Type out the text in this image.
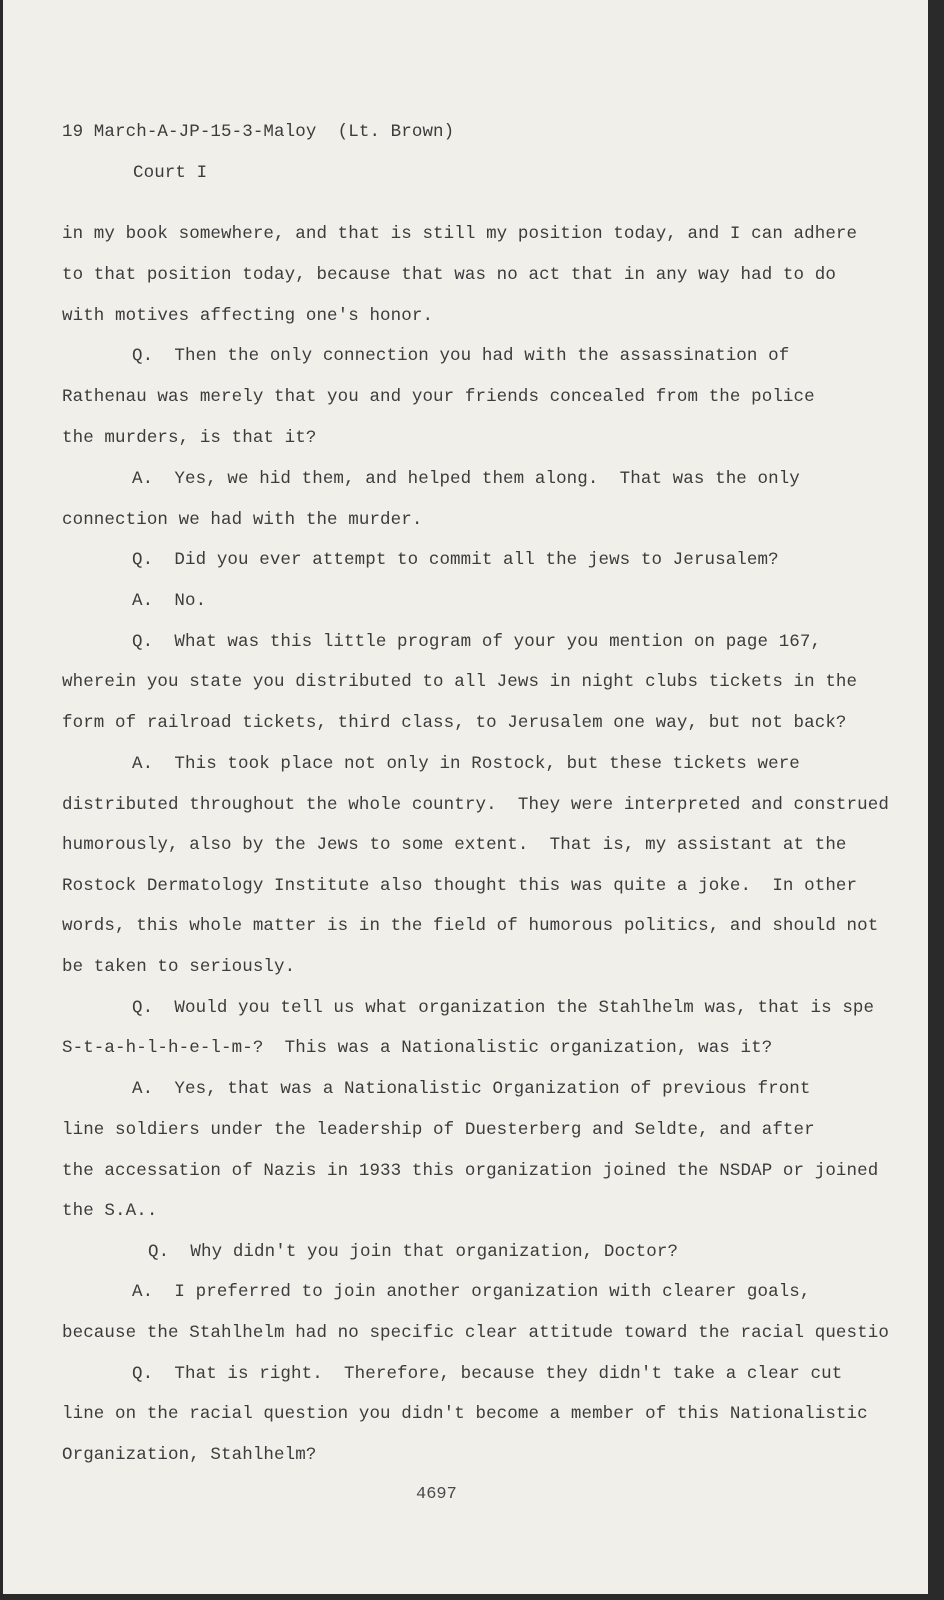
19 March-A-JP-15-3-Maloy  (Lt. Brown)
Court I
in my book somewhere, and that is still my position today, and I can adhere
to that position today, because that was no act that in any way had to do
with motives affecting one's honor.
Q.  Then the only connection you had with the assassination of
Rathenau was merely that you and your friends concealed from the police
the murders, is that it?
A.  Yes, we hid them, and helped them along.  That was the only
connection we had with the murder.
Q.  Did you ever attempt to commit all the jews to Jerusalem?
A.  No.
Q.  What was this little program of your you mention on page 167,
wherein you state you distributed to all Jews in night clubs tickets in the
form of railroad tickets, third class, to Jerusalem one way, but not back?
A.  This took place not only in Rostock, but these tickets were
distributed throughout the whole country.  They were interpreted and construed
humorously, also by the Jews to some extent.  That is, my assistant at the
Rostock Dermatology Institute also thought this was quite a joke.  In other
words, this whole matter is in the field of humorous politics, and should not
be taken to seriously.
Q.  Would you tell us what organization the Stahlhelm was, that is spe
S-t-a-h-l-h-e-l-m-?  This was a Nationalistic organization, was it?
A.  Yes, that was a Nationalistic Organization of previous front
line soldiers under the leadership of Duesterberg and Seldte, and after
the accessation of Nazis in 1933 this organization joined the NSDAP or joined
the S.A..
Q.  Why didn't you join that organization, Doctor?
A.  I preferred to join another organization with clearer goals,
because the Stahlhelm had no specific clear attitude toward the racial questio
Q.  That is right.  Therefore, because they didn't take a clear cut
line on the racial question you didn't become a member of this Nationalistic
Organization, Stahlhelm?
4697
